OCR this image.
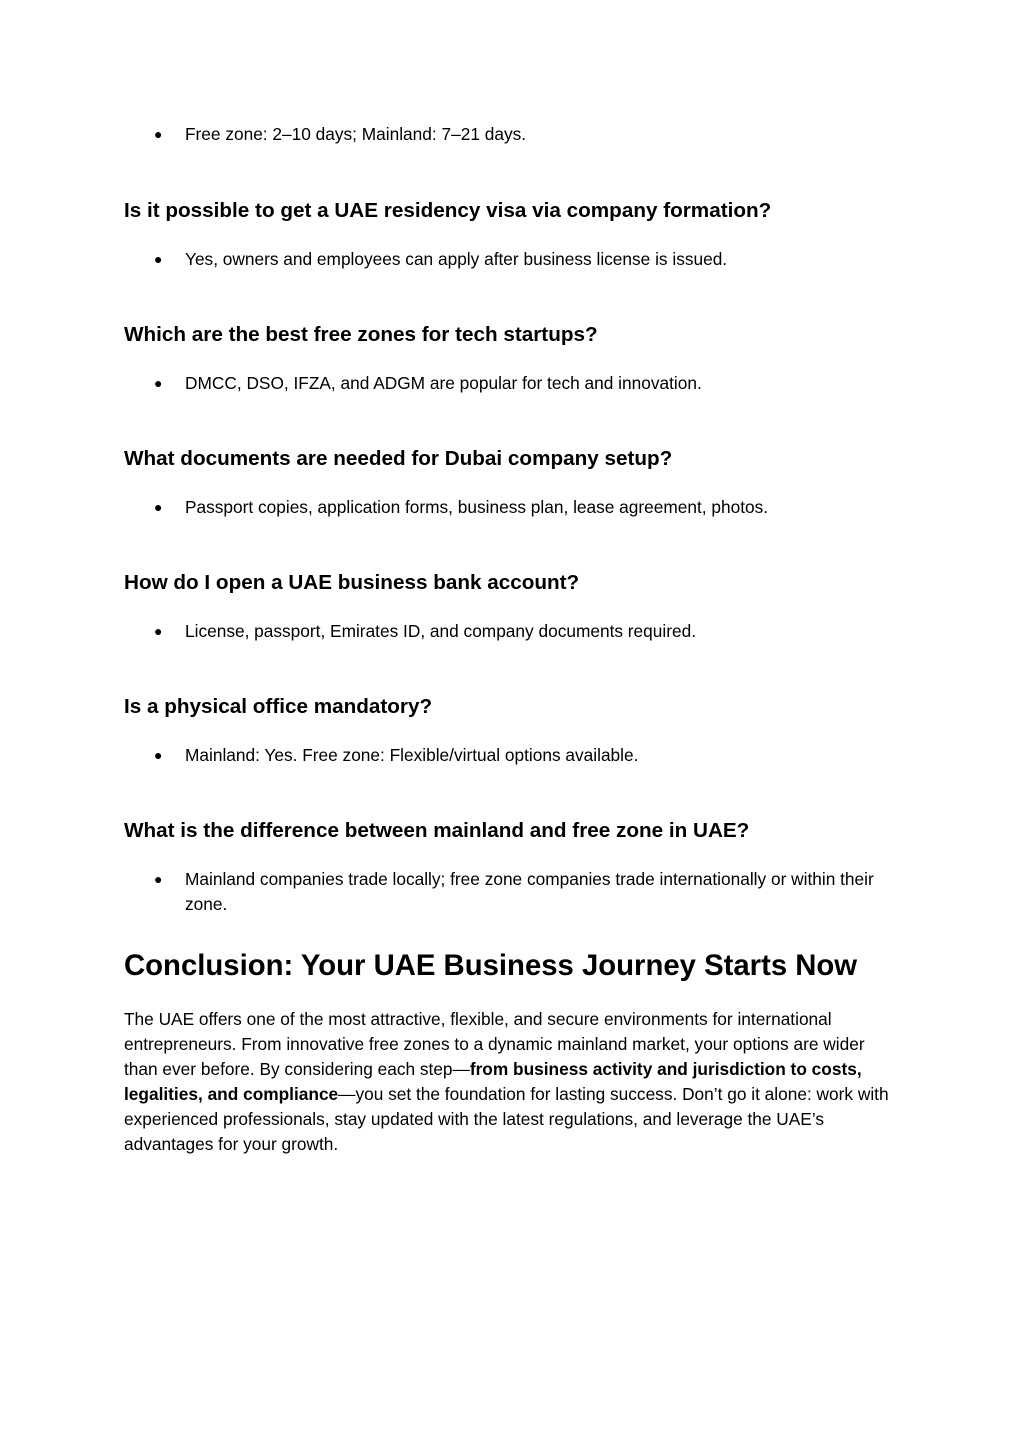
● Free zone: 2–10 days; Mainland: 7–21 days.
Is it possible to get a UAE residency visa via company formation?
● Yes, owners and employees can apply after business license is issued.
Which are the best free zones for tech startups?
● DMCC, DSO, IFZA, and ADGM are popular for tech and innovation.
What documents are needed for Dubai company setup?
● Passport copies, application forms, business plan, lease agreement, photos.
How do I open a UAE business bank account?
● License, passport, Emirates ID, and company documents required.
Is a physical office mandatory?
● Mainland: Yes. Free zone: Flexible/virtual options available.
What is the difference between mainland and free zone in UAE?
● Mainland companies trade locally; free zone companies trade internationally or within their zone.
Conclusion: Your UAE Business Journey Starts Now

The UAE offers one of the most attractive, flexible, and secure environments for international entrepreneurs. From innovative free zones to a dynamic mainland market, your options are wider than ever before. By considering each step—from business activity and jurisdiction to costs, legalities, and compliance—you set the foundation for lasting success. Don’t go it alone: work with experienced professionals, stay updated with the latest regulations, and leverage the UAE’s advantages for your growth.
